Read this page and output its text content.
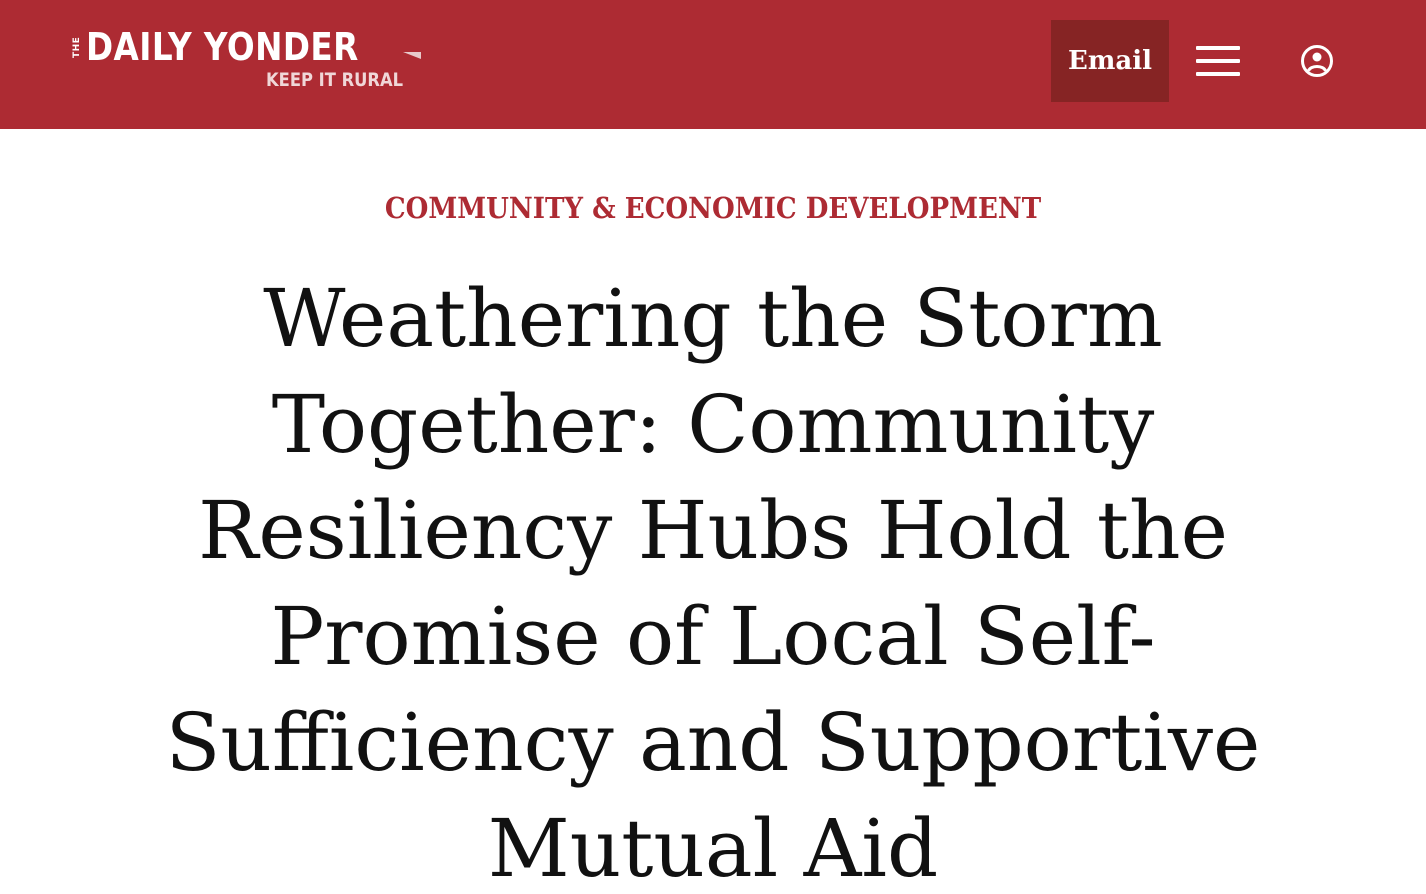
THE DAILY YONDER
KEEP IT RURAL
Email
COMMUNITY & ECONOMIC DEVELOPMENT
Weathering the Storm
Together: Community
Resiliency Hubs Hold the
Promise of Local Self-
Sufficiency and Supportive
Mutual Aid
